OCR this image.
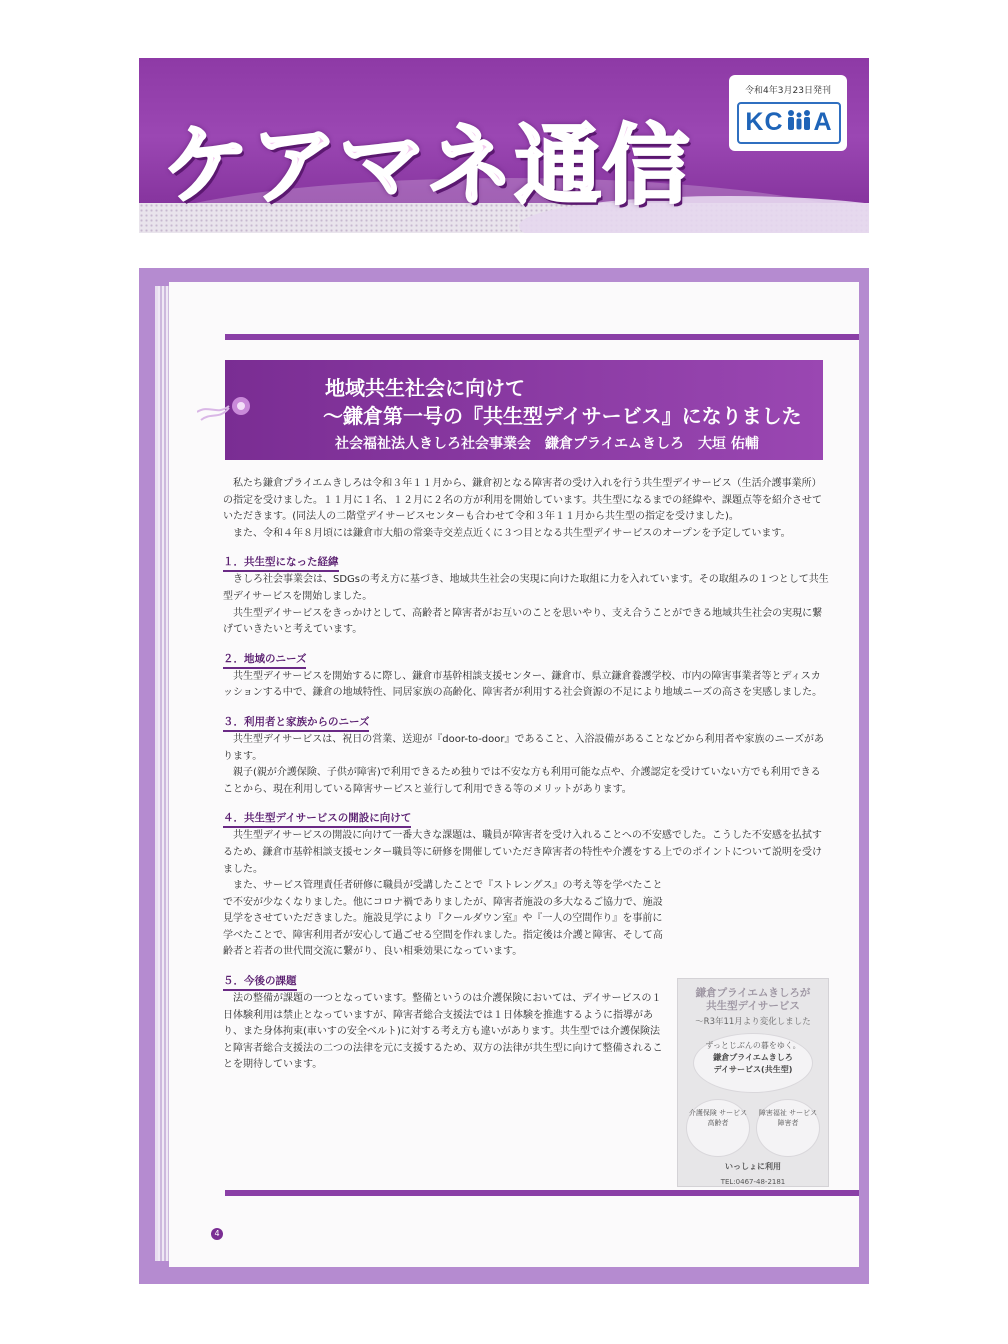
ケアマネ通信
令和4年3月23日発刊
KC A
地域共生社会に向けて
～鎌倉第一号の『共生型デイサービス』になりました
社会福祉法人きしろ社会事業会　鎌倉プライエムきしろ　大垣 佑輔

私たち鎌倉プライエムきしろは令和３年１１月から、鎌倉初となる障害者の受け入れを行う共生型デイサービス（生活介護事業所）の指定を受けました。１１月に１名、１２月に２名の方が利用を開始しています。共生型になるまでの経緯や、課題点等を紹介させていただきます。(同法人の二階堂デイサービスセンターも合わせて令和３年１１月から共生型の指定を受けました)。

また、令和４年８月頃には鎌倉市大船の常楽寺交差点近くに３つ目となる共生型デイサービスのオープンを予定しています。

１．共生型になった経緯

きしろ社会事業会は、SDGsの考え方に基づき、地域共生社会の実現に向けた取組に力を入れています。その取組みの１つとして共生型デイサービスを開始しました。

共生型デイサービスをきっかけとして、高齢者と障害者がお互いのことを思いやり、支え合うことができる地域共生社会の実現に繋げていきたいと考えています。

２．地域のニーズ

共生型デイサービスを開始するに際し、鎌倉市基幹相談支援センター、鎌倉市、県立鎌倉養護学校、市内の障害事業者等とディスカッションする中で、鎌倉の地域特性、同居家族の高齢化、障害者が利用する社会資源の不足により地域ニーズの高さを実感しました。

３．利用者と家族からのニーズ

共生型デイサービスは、祝日の営業、送迎が『door-to-door』であること、入浴設備があることなどから利用者や家族のニーズがあります。

親子(親が介護保険、子供が障害)で利用できるため独りでは不安な方も利用可能な点や、介護認定を受けていない方でも利用できることから、現在利用している障害サービスと並行して利用できる等のメリットがあります。

４．共生型デイサービスの開設に向けて

共生型デイサービスの開設に向けて一番大きな課題は、職員が障害者を受け入れることへの不安感でした。こうした不安感を払拭するため、鎌倉市基幹相談支援センター職員等に研修を開催していただき障害者の特性や介護をする上でのポイントについて説明を受けました。

また、サービス管理責任者研修に職員が受講したことで『ストレングス』の考え等を学べたことで不安が少なくなりました。他にコロナ禍でありましたが、障害者施設の多大なるご協力で、施設見学をさせていただきました。施設見学により『クールダウン室』や『一人の空間作り』を事前に学べたことで、障害利用者が安心して過ごせる空間を作れました。指定後は介護と障害、そして高齢者と若者の世代間交流に繋がり、良い相乗効果になっています。

５．今後の課題

法の整備が課題の一つとなっています。整備というのは介護保険においては、デイサービスの１日体験利用は禁止となっていますが、障害者総合支援法では１日体験を推進するように指導があり、また身体拘束(車いすの安全ベルト)に対する考え方も違いがあります。共生型では介護保険法と障害者総合支援法の二つの法律を元に支援するため、双方の法律が共生型に向けて整備されることを期待しています。

鎌倉プライエムきしろが
共生型デイサービス
～R3年11月より変化しました
ずっとじぶんの暮をゆく。
鎌倉プライエムきしろ
デイサービス(共生型)
介護保険 サービス 高齢者
障害福祉 サービス 障害者
いっしょに利用
TEL:0467-48-2181
4
